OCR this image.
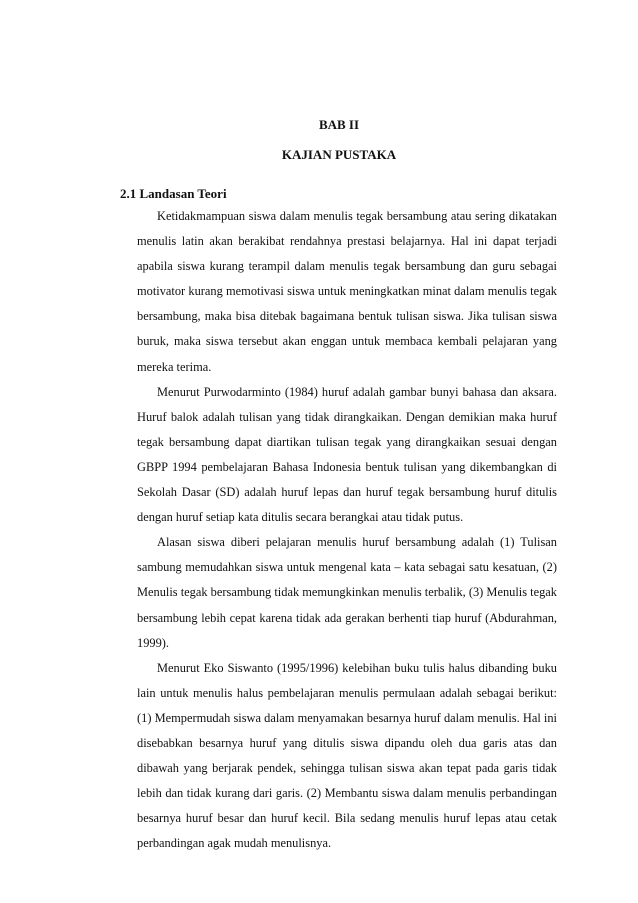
BAB II
KAJIAN PUSTAKA
2.1 Landasan Teori

Ketidakmampuan siswa dalam menulis tegak bersambung atau sering dikatakan menulis latin akan berakibat rendahnya prestasi belajarnya. Hal ini dapat terjadi apabila siswa kurang terampil dalam menulis tegak bersambung dan guru sebagai motivator kurang memotivasi siswa untuk meningkatkan minat dalam menulis tegak bersambung, maka bisa ditebak bagaimana bentuk tulisan siswa. Jika tulisan siswa buruk, maka siswa tersebut akan enggan untuk membaca kembali pelajaran yang mereka terima.

Menurut Purwodarminto (1984) huruf adalah gambar bunyi bahasa dan aksara. Huruf balok adalah tulisan yang tidak dirangkaikan. Dengan demikian maka huruf tegak bersambung dapat diartikan tulisan tegak yang dirangkaikan sesuai dengan GBPP 1994 pembelajaran Bahasa Indonesia bentuk tulisan yang dikembangkan di Sekolah Dasar (SD) adalah huruf lepas dan huruf tegak bersambung huruf ditulis dengan huruf setiap kata ditulis secara berangkai atau tidak putus.

Alasan siswa diberi pelajaran menulis huruf bersambung adalah (1) Tulisan sambung memudahkan siswa untuk mengenal kata – kata sebagai satu kesatuan, (2) Menulis tegak bersambung tidak memungkinkan menulis terbalik, (3) Menulis tegak bersambung lebih cepat karena tidak ada gerakan berhenti tiap huruf (Abdurahman, 1999).

Menurut Eko Siswanto (1995/1996) kelebihan buku tulis halus dibanding buku lain untuk menulis halus pembelajaran menulis permulaan adalah sebagai berikut: (1) Mempermudah siswa dalam menyamakan besarnya huruf dalam menulis. Hal ini disebabkan besarnya huruf yang ditulis siswa dipandu oleh dua garis atas dan dibawah yang berjarak pendek, sehingga tulisan siswa akan tepat pada garis tidak lebih dan tidak kurang dari garis. (2) Membantu siswa dalam menulis perbandingan besarnya huruf besar dan huruf kecil. Bila sedang menulis huruf lepas atau cetak perbandingan agak mudah menulisnya.
